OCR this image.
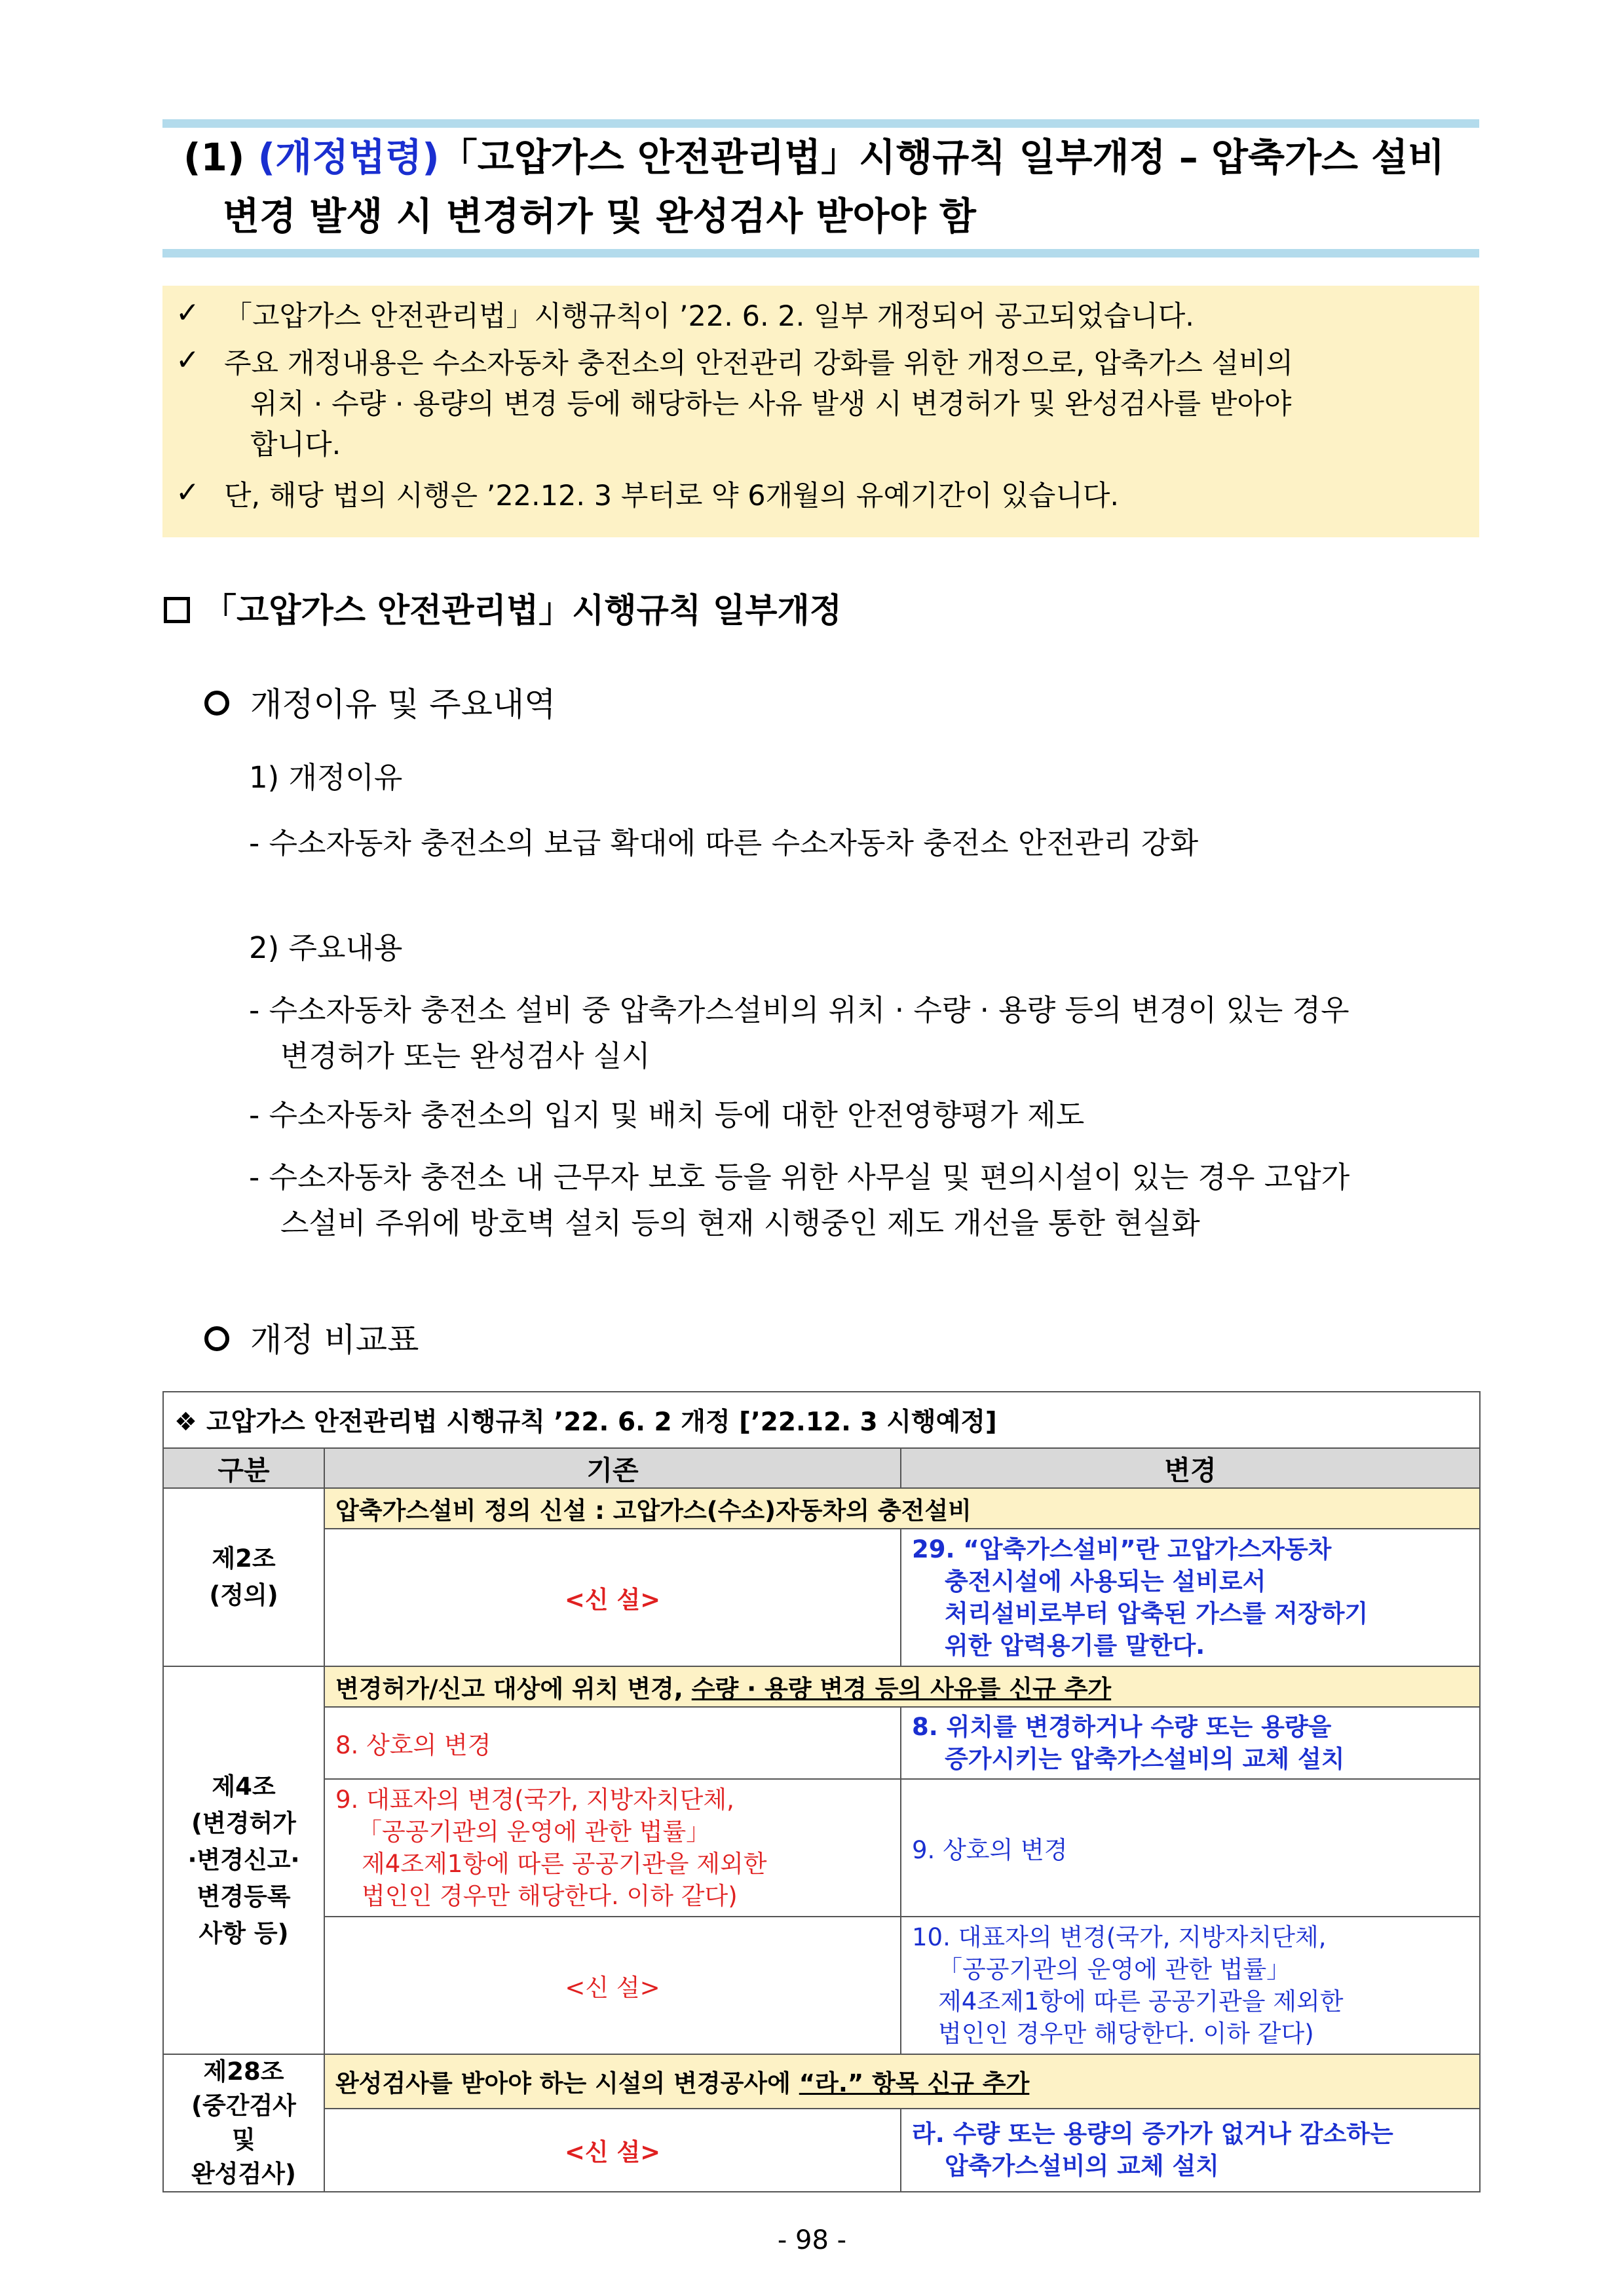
(1) (개정법령)「고압가스 안전관리법」시행규칙 일부개정 – 압축가스 설비
변경 발생 시 변경허가 및 완성검사 받아야 함
✓ 「고압가스 안전관리법」시행규칙이 ’22. 6. 2. 일부 개정되어 공고되었습니다.
✓ 주요 개정내용은 수소자동차 충전소의 안전관리 강화를 위한 개정으로, 압축가스 설비의
위치 · 수량 · 용량의 변경 등에 해당하는 사유 발생 시 변경허가 및 완성검사를 받아야
합니다.
✓ 단, 해당 법의 시행은 ’22.12. 3 부터로 약 6개월의 유예기간이 있습니다.
「고압가스 안전관리법」시행규칙 일부개정
개정이유 및 주요내역
1) 개정이유
- 수소자동차 충전소의 보급 확대에 따른 수소자동차 충전소 안전관리 강화
2) 주요내용
- 수소자동차 충전소 설비 중 압축가스설비의 위치 · 수량 · 용량 등의 변경이 있는 경우
변경허가 또는 완성검사 실시
- 수소자동차 충전소의 입지 및 배치 등에 대한 안전영향평가 제도
- 수소자동차 충전소 내 근무자 보호 등을 위한 사무실 및 편의시설이 있는 경우 고압가
스설비 주위에 방호벽 설치 등의 현재 시행중인 제도 개선을 통한 현실화
개정 비교표
❖ 고압가스 안전관리법 시행규칙 ’22. 6. 2 개정 [’22.12. 3 시행예정]		
구분	기존	변경

제2조
(정의)	압축가스설비 정의 신설 : 고압가스(수소)자동차의 충전설비	
	<신 설>	29. “압축가스설비”란 고압가스자동차
충전시설에 사용되는 설비로서
처리설비로부터 압축된 가스를 저장하기
위한 압력용기를 말한다.

제4조
(변경허가
·변경신고·
변경등록
사항 등)	변경허가/신고 대상에 위치 변경, 수량 · 용량 변경 등의 사유를 신규 추가	
	8. 상호의 변경	8. 위치를 변경하거나 수량 또는 용량을
증가시키는 압축가스설비의 교체 설치

	9. 대표자의 변경(국가, 지방자치단체,
「공공기관의 운영에 관한 법률」
제4조제1항에 따른 공공기관을 제외한
법인인 경우만 해당한다. 이하 같다)	9. 상호의 변경
	<신 설>	10. 대표자의 변경(국가, 지방자치단체,
「공공기관의 운영에 관한 법률」
제4조제1항에 따른 공공기관을 제외한
법인인 경우만 해당한다. 이하 같다)

제28조
(중간검사
및
완성검사)	완성검사를 받아야 하는 시설의 변경공사에 “라.” 항목 신규 추가	
	<신 설>	라. 수량 또는 용량의 증가가 없거나 감소하는
압축가스설비의 교체 설치
- 98 -
